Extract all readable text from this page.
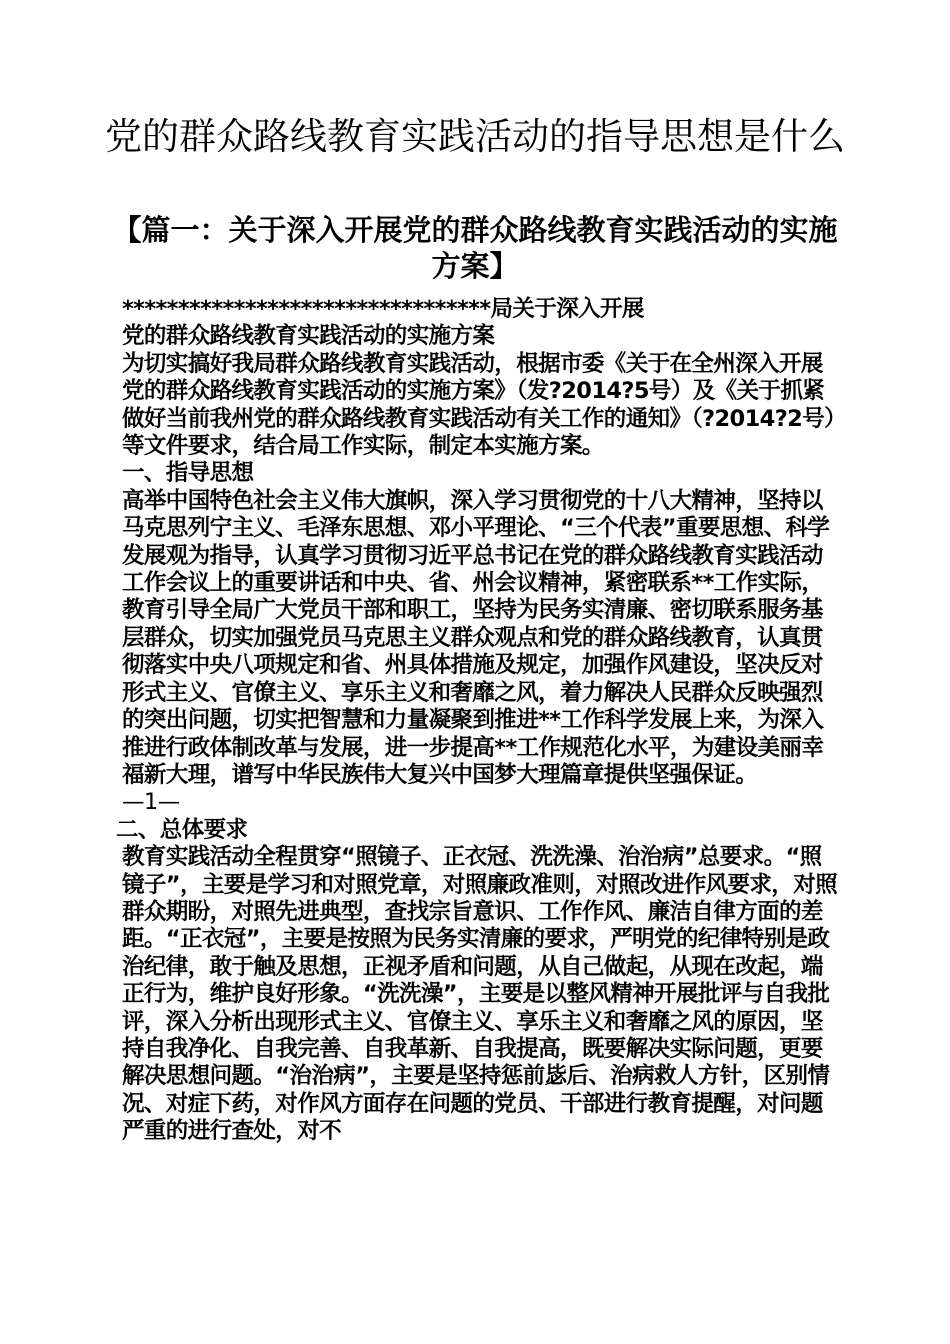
党的群众路线教育实践活动的指导思想是什么
【篇一：关于深入开展党的群众路线教育实践活动的实施方案】

*********************************局关于深入开展

党的群众路线教育实践活动的实施方案

为切实搞好我局群众路线教育实践活动，根据市委《关于在全州深入开展党的群众路线教育实践活动的实施方案》（发?2014?5号）及《关于抓紧做好当前我州党的群众路线教育实践活动有关工作的通知》（?2014?2号）等文件要求，结合局工作实际，制定本实施方案。

一、指导思想

高举中国特色社会主义伟大旗帜，深入学习贯彻党的十八大精神，坚持以马克思列宁主义、毛泽东思想、邓小平理论、“三个代表”重要思想、科学发展观为指导，认真学习贯彻习近平总书记在党的群众路线教育实践活动工作会议上的重要讲话和中央、省、州会议精神，紧密联系**工作实际，教育引导全局广大党员干部和职工，坚持为民务实清廉、密切联系服务基层群众，切实加强党员马克思主义群众观点和党的群众路线教育，认真贯彻落实中央八项规定和省、州具体措施及规定，加强作风建设，坚决反对形式主义、官僚主义、享乐主义和奢靡之风，着力解决人民群众反映强烈的突出问题，切实把智慧和力量凝聚到推进**工作科学发展上来，为深入推进行政体制改革与发展，进一步提高**工作规范化水平，为建设美丽幸福新大理，谱写中华民族伟大复兴中国梦大理篇章提供坚强保证。

—1—

二、总体要求

教育实践活动全程贯穿“照镜子、正衣冠、洗洗澡、治治病”总要求。“照镜子”，主要是学习和对照党章，对照廉政准则，对照改进作风要求，对照群众期盼，对照先进典型，查找宗旨意识、工作作风、廉洁自律方面的差距。“正衣冠”，主要是按照为民务实清廉的要求，严明党的纪律特别是政治纪律，敢于触及思想，正视矛盾和问题，从自己做起，从现在改起，端正行为，维护良好形象。“洗洗澡”，主要是以整风精神开展批评与自我批评，深入分析出现形式主义、官僚主义、享乐主义和奢靡之风的原因，坚持自我净化、自我完善、自我革新、自我提高，既要解决实际问题，更要解决思想问题。“治治病”，主要是坚持惩前毖后、治病救人方针，区别情况、对症下药，对作风方面存在问题的党员、干部进行教育提醒，对问题严重的进行查处，对不
